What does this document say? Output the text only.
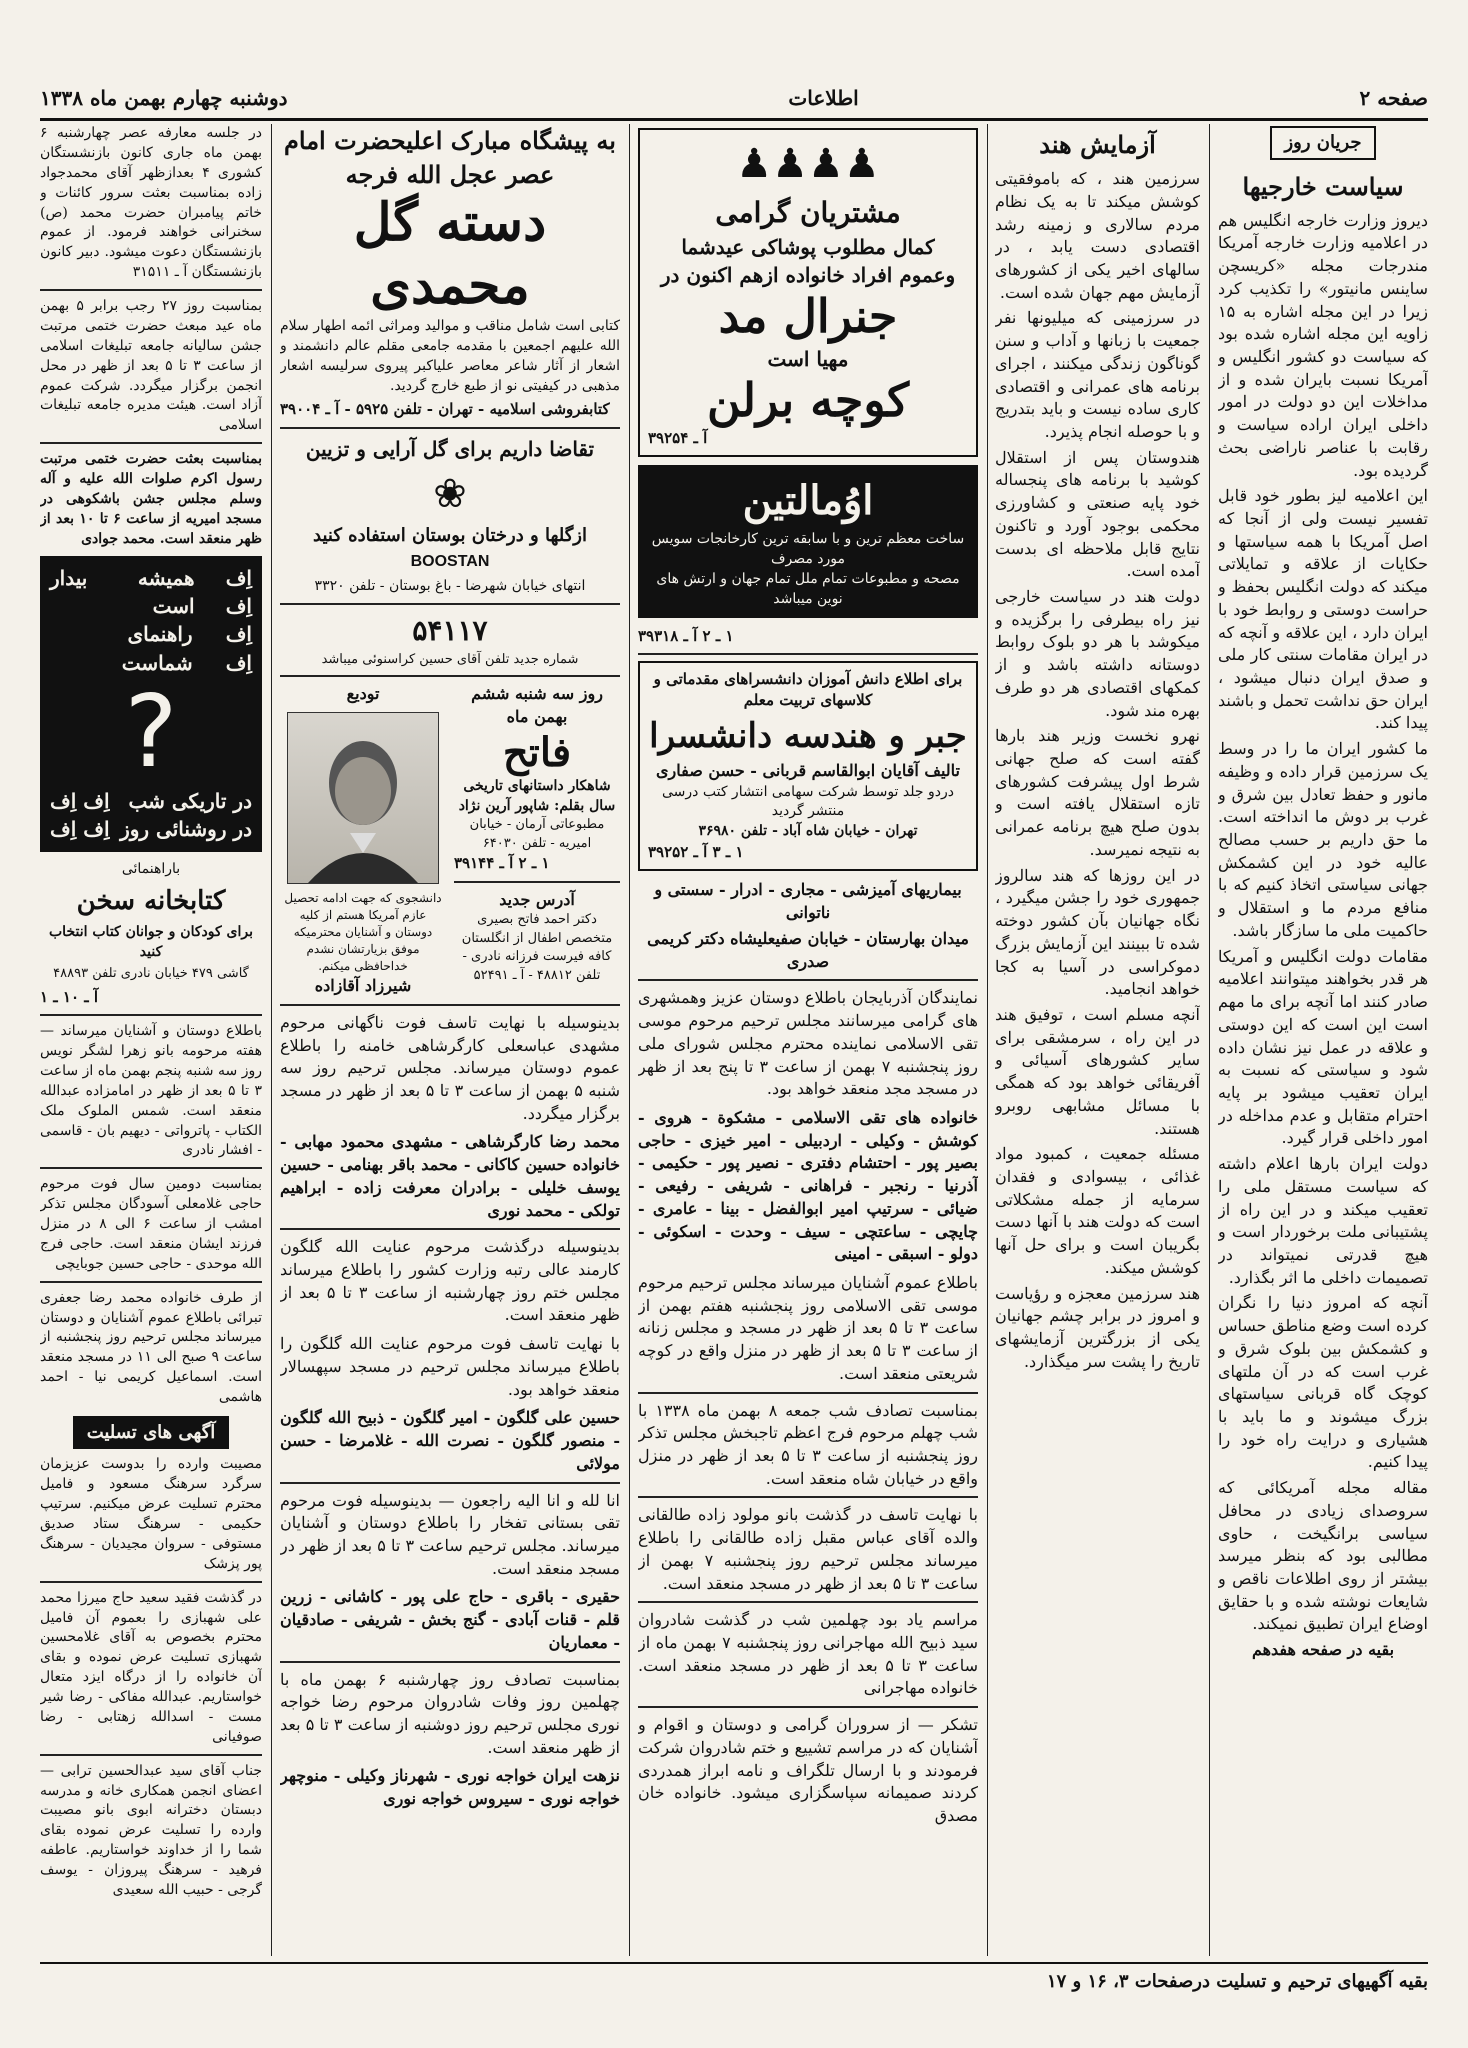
صفحه ۲
اطلاعات
دوشنبه چهارم بهمن ماه ۱۳۳۸
جریان روز
سیاست خارجیها

دیروز وزارت خارجه انگلیس هم در اعلامیه وزارت خارجه آمریکا مندرجات مجله «کریسچن ساینس مانیتور» را تکذیب کرد زیرا در این مجله اشاره به ۱۵ زاویه این مجله اشاره شده بود که سیاست دو کشور انگلیس و آمریکا نسبت بایران شده و از مداخلات این دو دولت در امور داخلی ایران اراده سیاست و رقابت با عناصر ناراضی بحث گردیده بود.

این اعلامیه لیز بطور خود قابل تفسیر نیست ولی از آنجا که اصل آمریکا با همه سیاستها و حکایات از علاقه و تمایلاتی میکند که دولت انگلیس بحفظ و حراست دوستی و روابط خود با ایران دارد ، این علاقه و آنچه که در ایران مقامات سنتی کار ملی و صدق ایران دنبال میشود ، ایران حق نداشت تحمل و باشند پیدا کند.

ما کشور ایران ما را در وسط یک سرزمین قرار داده و وظیفه مانور و حفظ تعادل بین شرق و غرب بر دوش ما انداخته است. ما حق داریم بر حسب مصالح عالیه خود در این کشمکش جهانی سیاستی اتخاذ کنیم که با منافع مردم ما و استقلال و حاکمیت ملی ما سازگار باشد.

مقامات دولت انگلیس و آمریکا هر قدر بخواهند میتوانند اعلامیه صادر کنند اما آنچه برای ما مهم است این است که این دوستی و علاقه در عمل نیز نشان داده شود و سیاستی که نسبت به ایران تعقیب میشود بر پایه احترام متقابل و عدم مداخله در امور داخلی قرار گیرد.

دولت ایران بارها اعلام داشته که سیاست مستقل ملی را تعقیب میکند و در این راه از پشتیبانی ملت برخوردار است و هیچ قدرتی نمیتواند در تصمیمات داخلی ما اثر بگذارد.

آنچه که امروز دنیا را نگران کرده است وضع مناطق حساس و کشمکش بین بلوک شرق و غرب است که در آن ملتهای کوچک گاه قربانی سیاستهای بزرگ میشوند و ما باید با هشیاری و درایت راه خود را پیدا کنیم.

مقاله مجله آمریکائی که سروصدای زیادی در محافل سیاسی برانگیخت ، حاوی مطالبی بود که بنظر میرسد بیشتر از روی اطلاعات ناقص و شایعات نوشته شده و با حقایق اوضاع ایران تطبیق نمیکند.

بقیه در صفحه هفدهم

آزمایش هند

سرزمین هند ، که باموفقیتی کوشش میکند تا به یک نظام مردم سالاری و زمینه رشد اقتصادی دست یابد ، در سالهای اخیر یکی از کشورهای آزمایش مهم جهان شده است.

در سرزمینی که میلیونها نفر جمعیت با زبانها و آداب و سنن گوناگون زندگی میکنند ، اجرای برنامه های عمرانی و اقتصادی کاری ساده نیست و باید بتدریج و با حوصله انجام پذیرد.

هندوستان پس از استقلال کوشید با برنامه های پنجساله خود پایه صنعتی و کشاورزی محکمی بوجود آورد و تاکنون نتایج قابل ملاحظه ای بدست آمده است.

دولت هند در سیاست خارجی نیز راه بیطرفی را برگزیده و میکوشد با هر دو بلوک روابط دوستانه داشته باشد و از کمکهای اقتصادی هر دو طرف بهره مند شود.

نهرو نخست وزیر هند بارها گفته است که صلح جهانی شرط اول پیشرفت کشورهای تازه استقلال یافته است و بدون صلح هیچ برنامه عمرانی به نتیجه نمیرسد.

در این روزها که هند سالروز جمهوری خود را جشن میگیرد ، نگاه جهانیان بآن کشور دوخته شده تا ببینند این آزمایش بزرگ دموکراسی در آسیا به کجا خواهد انجامید.

آنچه مسلم است ، توفیق هند در این راه ، سرمشقی برای سایر کشورهای آسیائی و آفریقائی خواهد بود که همگی با مسائل مشابهی روبرو هستند.

مسئله جمعیت ، کمبود مواد غذائی ، بیسوادی و فقدان سرمایه از جمله مشکلاتی است که دولت هند با آنها دست بگریبان است و برای حل آنها کوشش میکند.

هند سرزمین معجزه و رؤیاست و امروز در برابر چشم جهانیان یکی از بزرگترین آزمایشهای تاریخ را پشت سر میگذارد.

♟♟♟♟
مشتریان گرامی
کمال مطلوب پوشاکی عیدشما
وعموم افراد خانواده ازهم اکنون در
جنرال مد
مهیا است
کوچه برلن
آ ـ ۳۹۲۵۴
اوُمالتین
ساخت معظم ترین و با سابقه ترین کارخانجات سویس مورد مصرف
مصحه و مطبوعات تمام ملل تمام جهان و ارتش های نوین میباشد
۱ ـ ۲ آ ـ ۳۹۳۱۸
برای اطلاع دانش آموزان دانشسراهای مقدماتی و کلاسهای تربیت معلم
جبر و هندسه دانشسرا
تالیف آقایان ابوالقاسم قربانی - حسن صفاری
دردو جلد توسط شرکت سهامی انتشار کتب درسی منتشر گردید
تهران - خیابان شاه آباد - تلفن ۳۶۹۸۰
۱ ـ ۳ آ ـ ۳۹۲۵۲

بیماریهای آمیزشی - مجاری - ادرار - سستی و ناتوانی

میدان بهارستان - خیابان صفیعلیشاه دکتر کریمی صدری

نمایندگان آذربایجان باطلاع دوستان عزیز وهمشهری های گرامی میرسانند مجلس ترحیم مرحوم موسی تقی الاسلامی نماینده محترم مجلس شورای ملی روز پنجشنبه ۷ بهمن از ساعت ۳ تا پنج بعد از ظهر در مسجد مجد منعقد خواهد بود.

خانواده های تقی الاسلامی - مشکوة - هروی - کوشش - وکیلی - اردبیلی - امیر خیزی - حاجی بصیر پور - احتشام دفتری - نصیر پور - حکیمی - آذرنیا - رنجبر - فراهانی - شریفی - رفیعی - ضیائی - سرتیپ امیر ابوالفضل - بینا - عامری - چایچی - ساعتچی - سیف - وحدت - اسکوئی - دولو - اسبقی - امینی

باطلاع عموم آشنایان میرساند مجلس ترحیم مرحوم موسی تقی الاسلامی روز پنجشنبه هفتم بهمن از ساعت ۳ تا ۵ بعد از ظهر در مسجد و مجلس زنانه از ساعت ۳ تا ۵ بعد از ظهر در منزل واقع در کوچه شریعتی منعقد است.

بمناسبت تصادف شب جمعه ۸ بهمن ماه ۱۳۳۸ با شب چهلم مرحوم فرج اعظم تاجبخش مجلس تذکر روز پنجشنبه از ساعت ۳ تا ۵ بعد از ظهر در منزل واقع در خیابان شاه منعقد است.

با نهایت تاسف در گذشت بانو مولود زاده طالقانی والده آقای عباس مقبل زاده طالقانی را باطلاع میرساند مجلس ترحیم روز پنجشنبه ۷ بهمن از ساعت ۳ تا ۵ بعد از ظهر در مسجد منعقد است.

مراسم یاد بود چهلمین شب در گذشت شادروان سید ذبیح الله مهاجرانی روز پنجشنبه ۷ بهمن ماه از ساعت ۳ تا ۵ بعد از ظهر در مسجد منعقد است. خانواده مهاجرانی

تشکر — از سروران گرامی و دوستان و اقوام و آشنایان که در مراسم تشییع و ختم شادروان شرکت فرمودند و با ارسال تلگراف و نامه ابراز همدردی کردند صمیمانه سپاسگزاری میشود. خانواده خان مصدق

به پیشگاه مبارک اعلیحضرت امام عصر عجل الله فرجه
دسته گل محمدی

کتابی است شامل مناقب و موالید ومراثی ائمه اطهار سلام الله علیهم اجمعین با مقدمه جامعی مقلم عالم دانشمند و اشعار از آثار شاعر معاصر علیاکبر پیروی سرلیسه اشعار مذهبی در کیفیتی نو از طبع خارج گردید.

کتابفروشی اسلامیه - تهران - تلفن ۵۹۲۵ - آ ـ ۳۹۰۰۴

تقاضا داریم برای گل آرایی و تزیین

❀

ازگلها و درختان بوستان استفاده کنید

BOOSTAN

انتهای خیابان شهرضا - باغ بوستان - تلفن ۳۳۲۰

۵۴۱۱۷
شماره جدید تلفن آقای حسین کراسنوئی میباشد
روز سه شنبه ششم بهمن ماه
فاتح
شاهکار داستانهای تاریخی سال بقلم: شاپور آرین نژاد
مطبوعاتی آرمان - خیابان امیریه - تلفن ۶۴۰۳۰
۱ ـ ۲ آ ـ ۳۹۱۴۴
آدرس جدید
دکتر احمد فاتح بصیری متخصص اطفال از انگلستان کافه فیرست فرزانه نادری - تلفن ۴۸۸۱۲ - آ ـ ۵۲۴۹۱
تودیع
دانشجوی که جهت ادامه تحصیل عازم آمریکا هستم از کلیه دوستان و آشنایان محترمیکه موفق بزیارتشان نشدم خداحافظی میکنم.
شیرزاد آقازاده

بدینوسیله با نهایت تاسف فوت ناگهانی مرحوم مشهدی عباسعلی کارگرشاهی خامنه را باطلاع عموم دوستان میرساند. مجلس ترحیم روز سه شنبه ۵ بهمن از ساعت ۳ تا ۵ بعد از ظهر در مسجد برگزار میگردد.

محمد رضا کارگرشاهی - مشهدی محمود مهابی - خانواده حسین کاکانی - محمد باقر بهنامی - حسین یوسف خلیلی - برادران معرفت زاده - ابراهیم تولکی - محمد نوری

بدینوسیله درگذشت مرحوم عنایت الله گلگون کارمند عالی رتبه وزارت کشور را باطلاع میرساند مجلس ختم روز چهارشنبه از ساعت ۳ تا ۵ بعد از ظهر منعقد است.

با نهایت تاسف فوت مرحوم عنایت الله گلگون را باطلاع میرساند مجلس ترحیم در مسجد سپهسالار منعقد خواهد بود.

حسین علی گلگون - امیر گلگون - ذبیح الله گلگون - منصور گلگون - نصرت الله - غلامرضا - حسن مولائی

انا لله و انا الیه راجعون — بدینوسیله فوت مرحوم تقی بستانی تفخار را باطلاع دوستان و آشنایان میرساند. مجلس ترحیم ساعت ۳ تا ۵ بعد از ظهر در مسجد منعقد است.

حقیری - باقری - حاج علی پور - کاشانی - زرین قلم - قنات آبادی - گنج بخش - شریفی - صادقیان - معماریان

بمناسبت تصادف روز چهارشنبه ۶ بهمن ماه با چهلمین روز وفات شادروان مرحوم رضا خواجه نوری مجلس ترحیم روز دوشنبه از ساعت ۳ تا ۵ بعد از ظهر منعقد است.

نزهت ایران خواجه نوری - شهرناز وکیلی - منوچهر خواجه نوری - سیروس خواجه نوری

در جلسه معارفه عصر چهارشنبه ۶ بهمن ماه جاری کانون بازنشستگان کشوری ۴ بعدازظهر آقای محمدجواد زاده بمناسبت بعثت سرور کائنات و خاتم پیامبران حضرت محمد (ص) سخنرانی خواهند فرمود. از عموم بازنشستگان دعوت میشود. دبیر کانون بازنشستگان آ ـ ۳۱۵۱۱

بمناسبت روز ۲۷ رجب برابر ۵ بهمن ماه عید مبعث حضرت ختمی مرتبت جشن سالیانه جامعه تبلیغات اسلامی از ساعت ۳ تا ۵ بعد از ظهر در محل انجمن برگزار میگردد. شرکت عموم آزاد است. هیئت مدیره جامعه تبلیغات اسلامی

بمناسبت بعثت حضرت ختمی مرتبت رسول اکرم صلوات الله علیه و آله وسلم مجلس جشن باشکوهی در مسجد امیریه از ساعت ۶ تا ۱۰ بعد از ظهر منعقد است. محمد جوادی

اِف اِف
همیشه بیدار است
اِف اِف
راهنمای شماست
?
در تاریکی شب
اِف اِف
در روشنائی روز
اِف اِف

باراهنمائی

کتابخانه سخن

برای کودکان و جوانان کتاب انتخاب کنید

گاشی ۴۷۹ خیابان نادری تلفن ۴۸۸۹۳

آ ـ ۱۰ ـ ۱

باطلاع دوستان و آشنایان میرساند — هفته مرحومه بانو زهرا لشگر نویس روز سه شنبه پنجم بهمن ماه از ساعت ۳ تا ۵ بعد از ظهر در امامزاده عبدالله منعقد است. شمس الملوک ملک الکتاب - پاترواتی - دیهیم بان - قاسمی - افشار نادری

بمناسبت دومین سال فوت مرحوم حاجی غلامعلی آسودگان مجلس تذکر امشب از ساعت ۶ الی ۸ در منزل فرزند ایشان منعقد است. حاجی فرج الله موحدی - حاجی حسین جوبایچی

از طرف خانواده محمد رضا جعفری تبرائی باطلاع عموم آشنایان و دوستان میرساند مجلس ترحیم روز پنجشنبه از ساعت ۹ صبح الی ۱۱ در مسجد منعقد است. اسماعیل کریمی نیا - احمد هاشمی

آگهی های تسلیت

مصیبت وارده را بدوست عزیزمان سرگرد سرهنگ مسعود و فامیل محترم تسلیت عرض میکنیم. سرتیپ حکیمی - سرهنگ ستاد صدیق مستوفی - سروان مجیدیان - سرهنگ پور پزشک

در گذشت فقید سعید حاج میرزا محمد علی شهبازی را بعموم آن فامیل محترم بخصوص به آقای غلامحسین شهبازی تسلیت عرض نموده و بقای آن خانواده را از درگاه ایزد متعال خواستاریم. عبدالله مفاکی - رضا شیر مست - اسدالله زهتابی - رضا صوفیانی

جناب آقای سید عبدالحسین ترابی — اعضای انجمن همکاری خانه و مدرسه دبستان دخترانه ابوی بانو مصیبت وارده را تسلیت عرض نموده بقای شما را از خداوند خواستاریم. عاطفه فرهید - سرهنگ پیروزان - یوسف گرجی - حبیب الله سعیدی

بقیه آگهیهای ترحیم و تسلیت درصفحات ۳، ۱۶ و ۱۷
